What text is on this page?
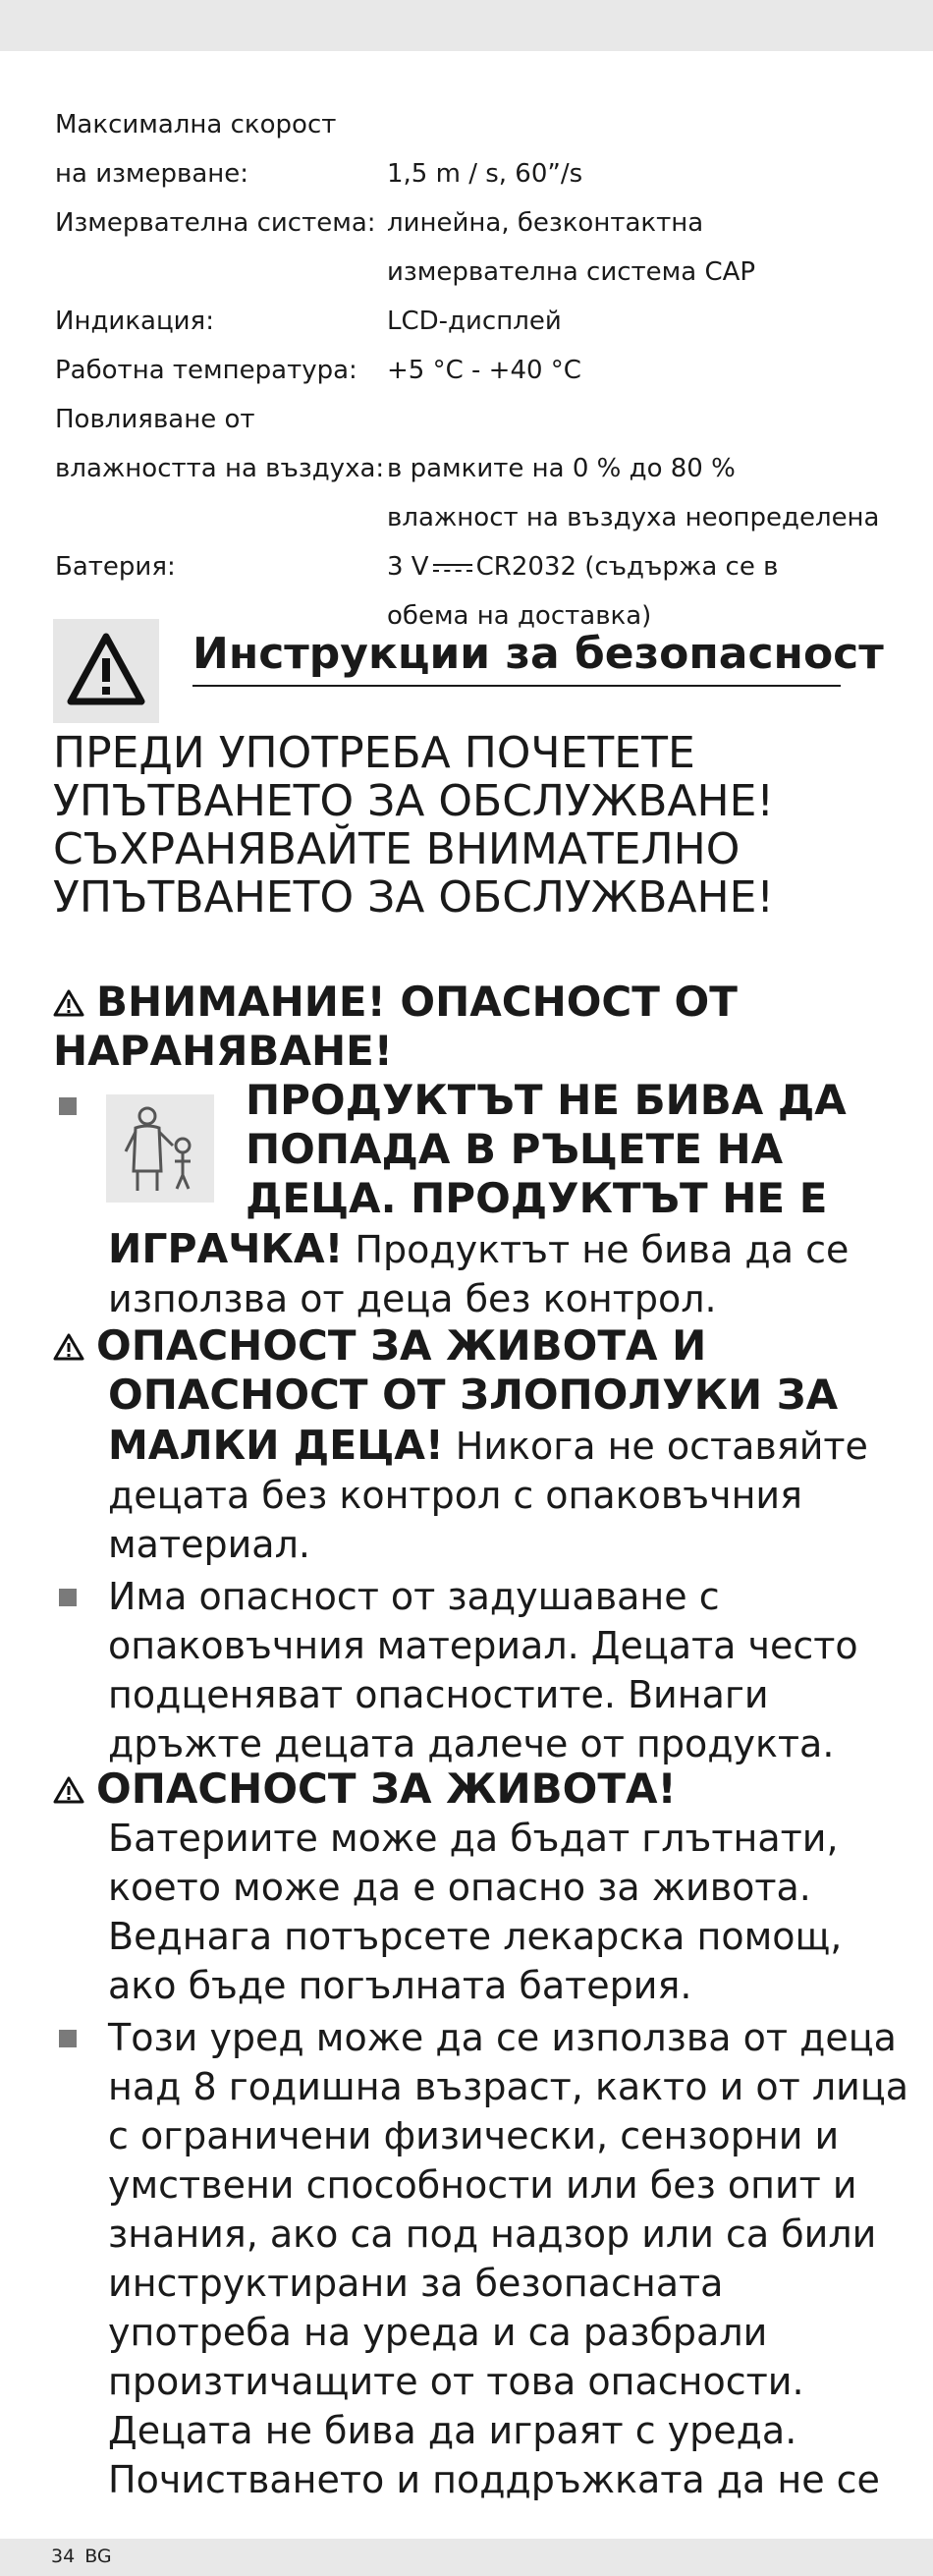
Максимална скорост
на измерване:	1,5 m / s, 60”/s
Измервателна система: линейна, безконтактна
измервателна система CAP
Индикация:	LCD-дисплей
Работна температура:	+5 °C - +40 °C
Повлияване от
влажността на въздуха: в рамките на 0 % до 80 %
влажност на въздуха неопределена
Батерия:	3 V CR2032 (съдържа се в
обема на доставка)
Инструкции за безопасност
ПРЕДИ УПОТРЕБА ПОЧЕТЕТЕ
УПЪТВАНЕТО ЗА ОБСЛУЖВАНЕ!
СЪХРАНЯВАЙТЕ ВНИМАТЕЛНО
УПЪТВАНЕТО ЗА ОБСЛУЖВАНЕ!
ВНИМАНИЕ! ОПАСНОСТ ОТ
НАРАНЯВАНЕ!
ПРОДУКТЪТ НЕ БИВА ДА
ПОПАДА В РЪЦЕТЕ НА
ДЕЦА. ПРОДУКТЪТ НЕ Е
ИГРАЧКА! Продуктът не бива да се
използва от деца без контрол.
ОПАСНОСТ ЗА ЖИВОТА И
ОПАСНОСТ ОТ ЗЛОПОЛУКИ ЗА
МАЛКИ ДЕЦА! Никога не оставяйте
децата без контрол с опаковъчния
материал.
Има опасност от задушаване с
опаковъчния материал. Децата често
подценяват опасностите. Винаги
дръжте децата далече от продукта.
ОПАСНОСТ ЗА ЖИВОТА!
Батериите може да бъдат глътнати,
което може да е опасно за живота.
Веднага потърсете лекарска помощ,
ако бъде погълната батерия.
Този уред може да се използва от деца
над 8 годишна възраст, както и от лица
с ограничени физически, сензорни и
умствени способности или без опит и
знания, ако са под надзор или са били
инструктирани за безопасната
употреба на уреда и са разбрали
произтичащите от това опасности.
Децата не бива да играят с уреда.
Почистването и поддръжката да не се
34 BG
